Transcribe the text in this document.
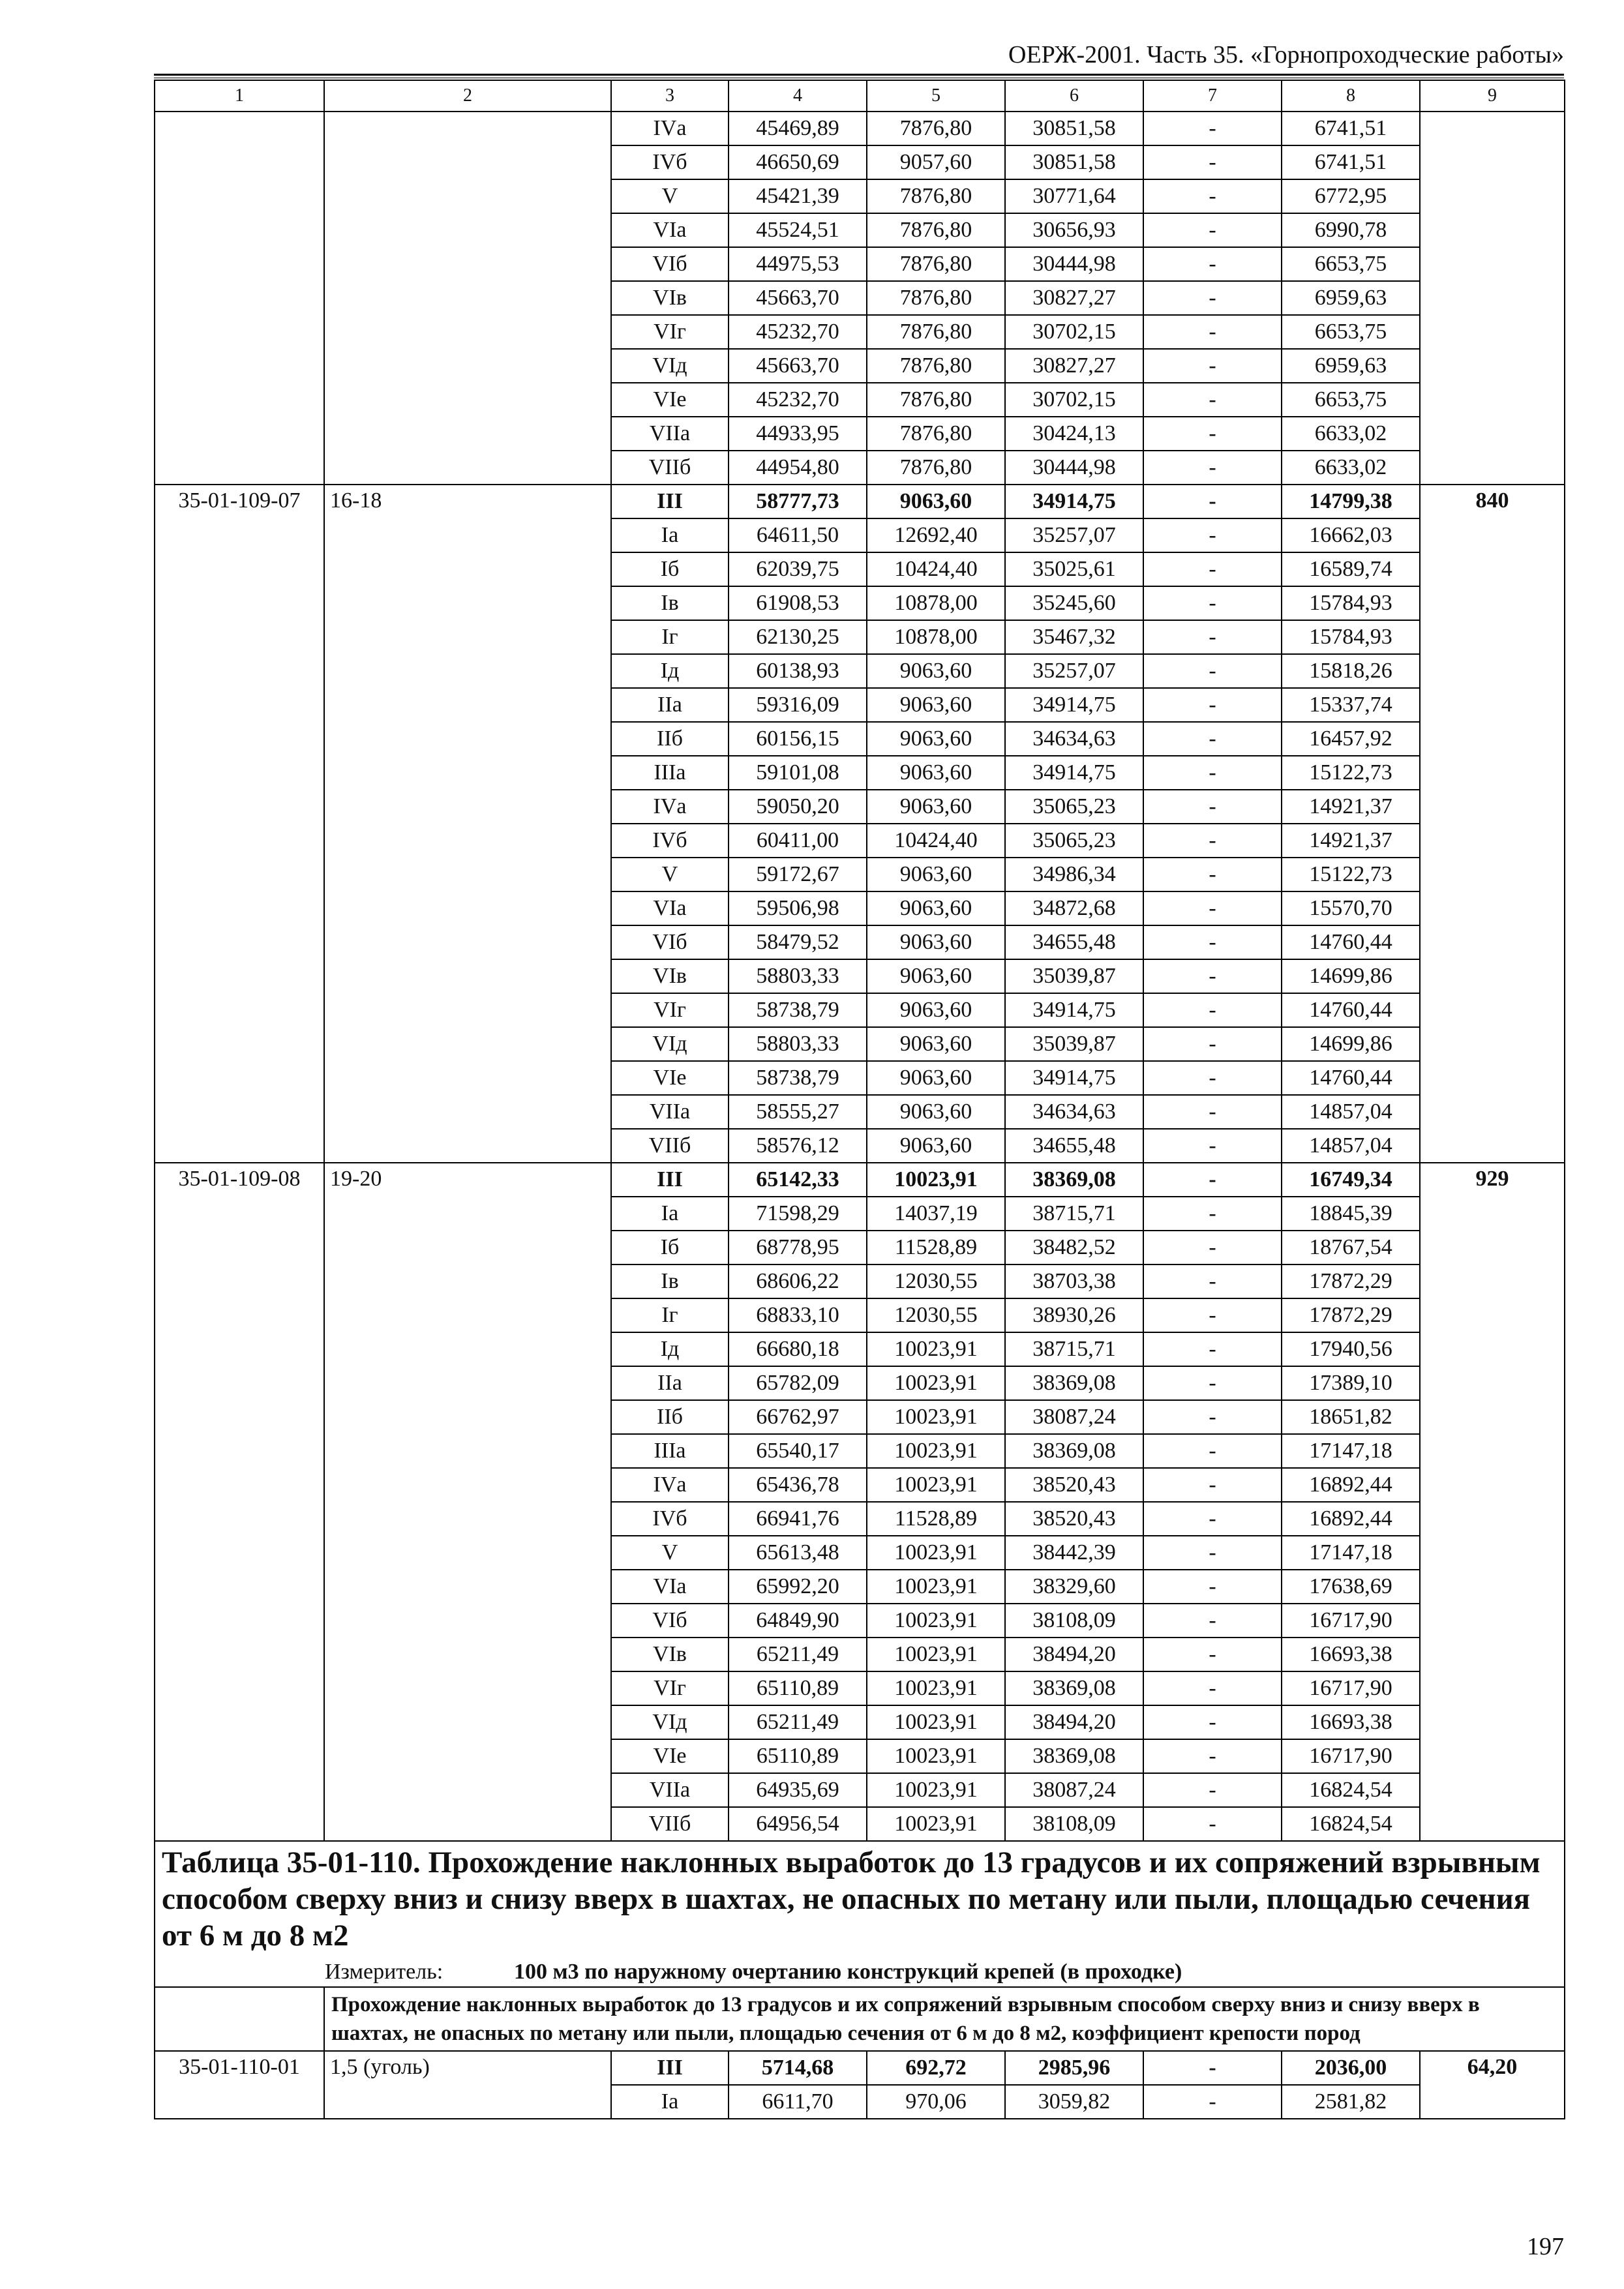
ОЕРЖ-2001. Часть 35. «Горнопроходческие работы»
1	2	3	4	5	6	7	8	9
		IVа	45469,89	7876,80	30851,58	-	6741,51	
		IVб	46650,69	9057,60	30851,58	-	6741,51	
		V	45421,39	7876,80	30771,64	-	6772,95	
		VIа	45524,51	7876,80	30656,93	-	6990,78	
		VIб	44975,53	7876,80	30444,98	-	6653,75	
		VIв	45663,70	7876,80	30827,27	-	6959,63	
		VIг	45232,70	7876,80	30702,15	-	6653,75	
		VIд	45663,70	7876,80	30827,27	-	6959,63	
		VIе	45232,70	7876,80	30702,15	-	6653,75	
		VIIа	44933,95	7876,80	30424,13	-	6633,02	
		VIIб	44954,80	7876,80	30444,98	-	6633,02	
35-01-109-07	16-18	III	58777,73	9063,60	34914,75	-	14799,38	840
		Iа	64611,50	12692,40	35257,07	-	16662,03	
		Iб	62039,75	10424,40	35025,61	-	16589,74	
		Iв	61908,53	10878,00	35245,60	-	15784,93	
		Iг	62130,25	10878,00	35467,32	-	15784,93	
		Iд	60138,93	9063,60	35257,07	-	15818,26	
		IIа	59316,09	9063,60	34914,75	-	15337,74	
		IIб	60156,15	9063,60	34634,63	-	16457,92	
		IIIа	59101,08	9063,60	34914,75	-	15122,73	
		IVа	59050,20	9063,60	35065,23	-	14921,37	
		IVб	60411,00	10424,40	35065,23	-	14921,37	
		V	59172,67	9063,60	34986,34	-	15122,73	
		VIа	59506,98	9063,60	34872,68	-	15570,70	
		VIб	58479,52	9063,60	34655,48	-	14760,44	
		VIв	58803,33	9063,60	35039,87	-	14699,86	
		VIг	58738,79	9063,60	34914,75	-	14760,44	
		VIд	58803,33	9063,60	35039,87	-	14699,86	
		VIе	58738,79	9063,60	34914,75	-	14760,44	
		VIIа	58555,27	9063,60	34634,63	-	14857,04	
		VIIб	58576,12	9063,60	34655,48	-	14857,04	
35-01-109-08	19-20	III	65142,33	10023,91	38369,08	-	16749,34	929
		Iа	71598,29	14037,19	38715,71	-	18845,39	
		Iб	68778,95	11528,89	38482,52	-	18767,54	
		Iв	68606,22	12030,55	38703,38	-	17872,29	
		Iг	68833,10	12030,55	38930,26	-	17872,29	
		Iд	66680,18	10023,91	38715,71	-	17940,56	
		IIа	65782,09	10023,91	38369,08	-	17389,10	
		IIб	66762,97	10023,91	38087,24	-	18651,82	
		IIIа	65540,17	10023,91	38369,08	-	17147,18	
		IVа	65436,78	10023,91	38520,43	-	16892,44	
		IVб	66941,76	11528,89	38520,43	-	16892,44	
		V	65613,48	10023,91	38442,39	-	17147,18	
		VIа	65992,20	10023,91	38329,60	-	17638,69	
		VIб	64849,90	10023,91	38108,09	-	16717,90	
		VIв	65211,49	10023,91	38494,20	-	16693,38	
		VIг	65110,89	10023,91	38369,08	-	16717,90	
		VIд	65211,49	10023,91	38494,20	-	16693,38	
		VIе	65110,89	10023,91	38369,08	-	16717,90	
		VIIа	64935,69	10023,91	38087,24	-	16824,54	
		VIIб	64956,54	10023,91	38108,09	-	16824,54	
Таблица 35-01-110. Прохождение наклонных выработок до 13 градусов и их сопряжений взрывным способом сверху вниз и снизу вверх в шахтах, не опасных по метану или пыли, площадью сечения от 6 м до 8 м2								
Измеритель: 100 м3 по наружному очертанию конструкций крепей (в проходке)								
	Прохождение наклонных выработок до 13 градусов и их сопряжений взрывным способом сверху вниз и снизу вверх в шахтах, не опасных по метану или пыли, площадью сечения от 6 м до 8 м2, коэффициент крепости пород							
35-01-110-01	1,5 (уголь)	III	5714,68	692,72	2985,96	-	2036,00	64,20
		Iа	6611,70	970,06	3059,82	-	2581,82	
197
